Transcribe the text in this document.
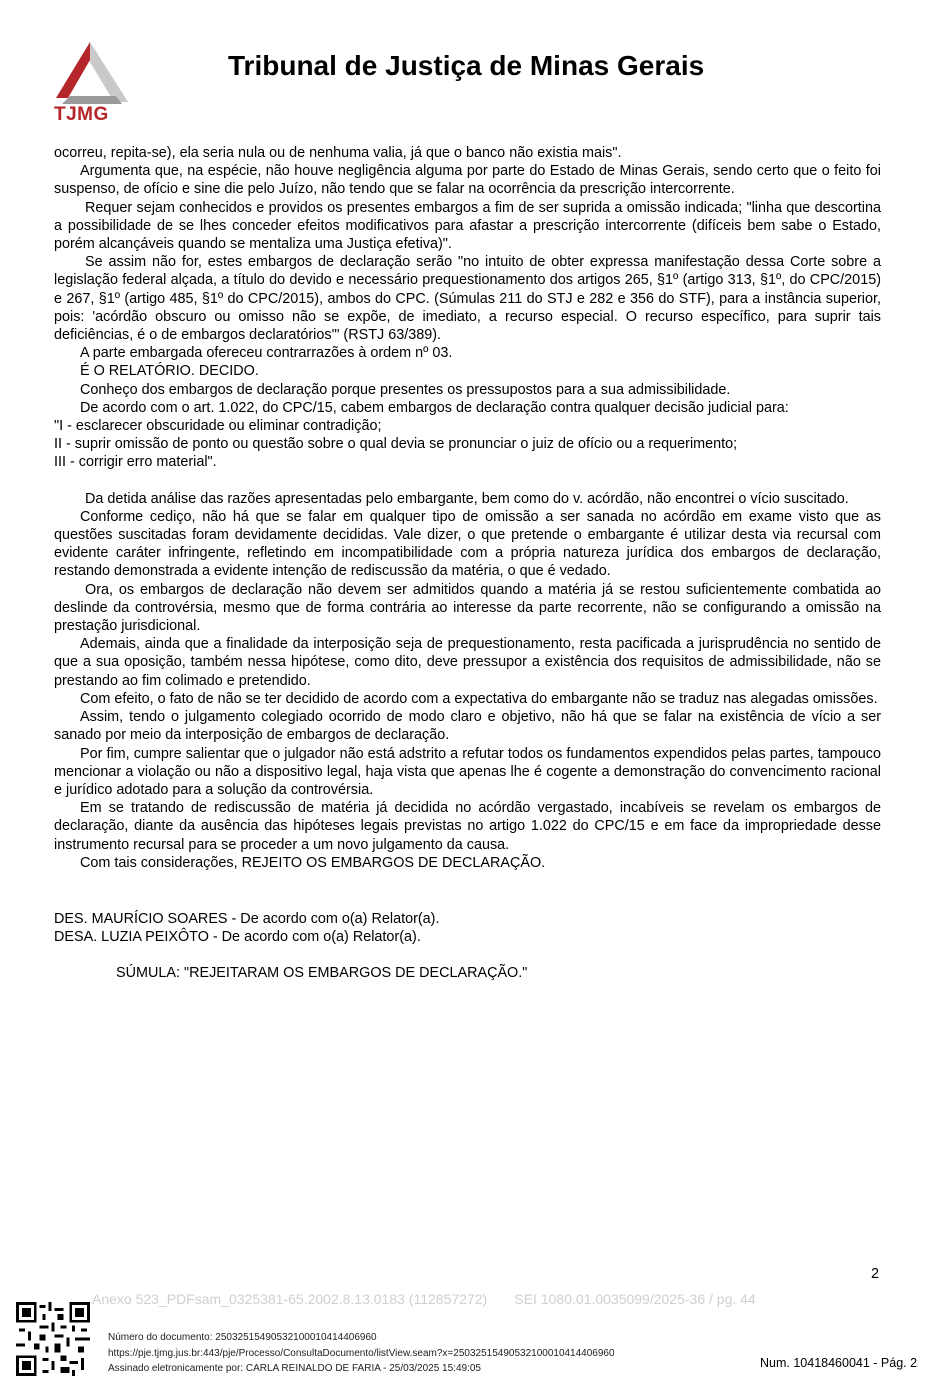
TJMG
Tribunal de Justiça de Minas Gerais

ocorreu, repita-se), ela seria nula ou de nenhuma valia, já que o banco não existia mais".

Argumenta que, na espécie, não houve negligência alguma por parte do Estado de Minas Gerais, sendo certo que o feito foi suspenso, de ofício e sine die pelo Juízo, não tendo que se falar na ocorrência da prescrição intercorrente.

Requer sejam conhecidos e providos os presentes embargos a fim de ser suprida a omissão indicada; "linha que descortina a possibilidade de se lhes conceder efeitos modificativos para afastar a prescrição intercorrente (difíceis bem sabe o Estado, porém alcançáveis quando se mentaliza uma Justiça efetiva)".

Se assim não for, estes embargos de declaração serão "no intuito de obter expressa manifestação dessa Corte sobre a legislação federal alçada, a título do devido e necessário prequestionamento dos artigos 265, §1º (artigo 313, §1º, do CPC/2015) e 267, §1º (artigo 485, §1º do CPC/2015), ambos do CPC. (Súmulas 211 do STJ e 282 e 356 do STF), para a instância superior, pois: 'acórdão obscuro ou omisso não se expõe, de imediato, a recurso especial. O recurso específico, para suprir tais deficiências, é o de embargos declaratórios'" (RSTJ 63/389).

A parte embargada ofereceu contrarrazões à ordem nº 03.

É O RELATÓRIO. DECIDO.

Conheço dos embargos de declaração porque presentes os pressupostos para a sua admissibilidade.

De acordo com o art. 1.022, do CPC/15, cabem embargos de declaração contra qualquer decisão judicial para:

"I - esclarecer obscuridade ou eliminar contradição;

II - suprir omissão de ponto ou questão sobre o qual devia se pronunciar o juiz de ofício ou a requerimento;

III - corrigir erro material".

Da detida análise das razões apresentadas pelo embargante, bem como do v. acórdão, não encontrei o vício suscitado.

Conforme cediço, não há que se falar em qualquer tipo de omissão a ser sanada no acórdão em exame visto que as questões suscitadas foram devidamente decididas. Vale dizer, o que pretende o embargante é utilizar desta via recursal com evidente caráter infringente, refletindo em incompatibilidade com a própria natureza jurídica dos embargos de declaração, restando demonstrada a evidente intenção de rediscussão da matéria, o que é vedado.

Ora, os embargos de declaração não devem ser admitidos quando a matéria já se restou suficientemente combatida ao deslinde da controvérsia, mesmo que de forma contrária ao interesse da parte recorrente, não se configurando a omissão na prestação jurisdicional.

Ademais, ainda que a finalidade da interposição seja de prequestionamento, resta pacificada a jurisprudência no sentido de que a sua oposição, também nessa hipótese, como dito, deve pressupor a existência dos requisitos de admissibilidade, não se prestando ao fim colimado e pretendido.

Com efeito, o fato de não se ter decidido de acordo com a expectativa do embargante não se traduz nas alegadas omissões.

Assim, tendo o julgamento colegiado ocorrido de modo claro e objetivo, não há que se falar na existência de vício a ser sanado por meio da interposição de embargos de declaração.

Por fim, cumpre salientar que o julgador não está adstrito a refutar todos os fundamentos expendidos pelas partes, tampouco mencionar a violação ou não a dispositivo legal, haja vista que apenas lhe é cogente a demonstração do convencimento racional e jurídico adotado para a solução da controvérsia.

Em se tratando de rediscussão de matéria já decidida no acórdão vergastado, incabíveis se revelam os embargos de declaração, diante da ausência das hipóteses legais previstas no artigo 1.022 do CPC/15 e em face da impropriedade desse instrumento recursal para se proceder a um novo julgamento da causa.

Com tais considerações, REJEITO OS EMBARGOS DE DECLARAÇÃO.

DES. MAURÍCIO SOARES - De acordo com o(a) Relator(a).

DESA. LUZIA PEIXÔTO - De acordo com o(a) Relator(a).

SÚMULA: "REJEITARAM OS EMBARGOS DE DECLARAÇÃO."

2
Anexo 523_PDFsam_0325381-65.2002.8.13.0183 (112857272)       SEI 1080.01.0035099/2025-36 / pg. 44
Número do documento: 25032515490532100010414406960
https://pje.tjmg.jus.br:443/pje/Processo/ConsultaDocumento/listView.seam?x=25032515490532100010414406960
Assinado eletronicamente por: CARLA REINALDO DE FARIA - 25/03/2025 15:49:05	Num. 10418460041 - Pág. 2
